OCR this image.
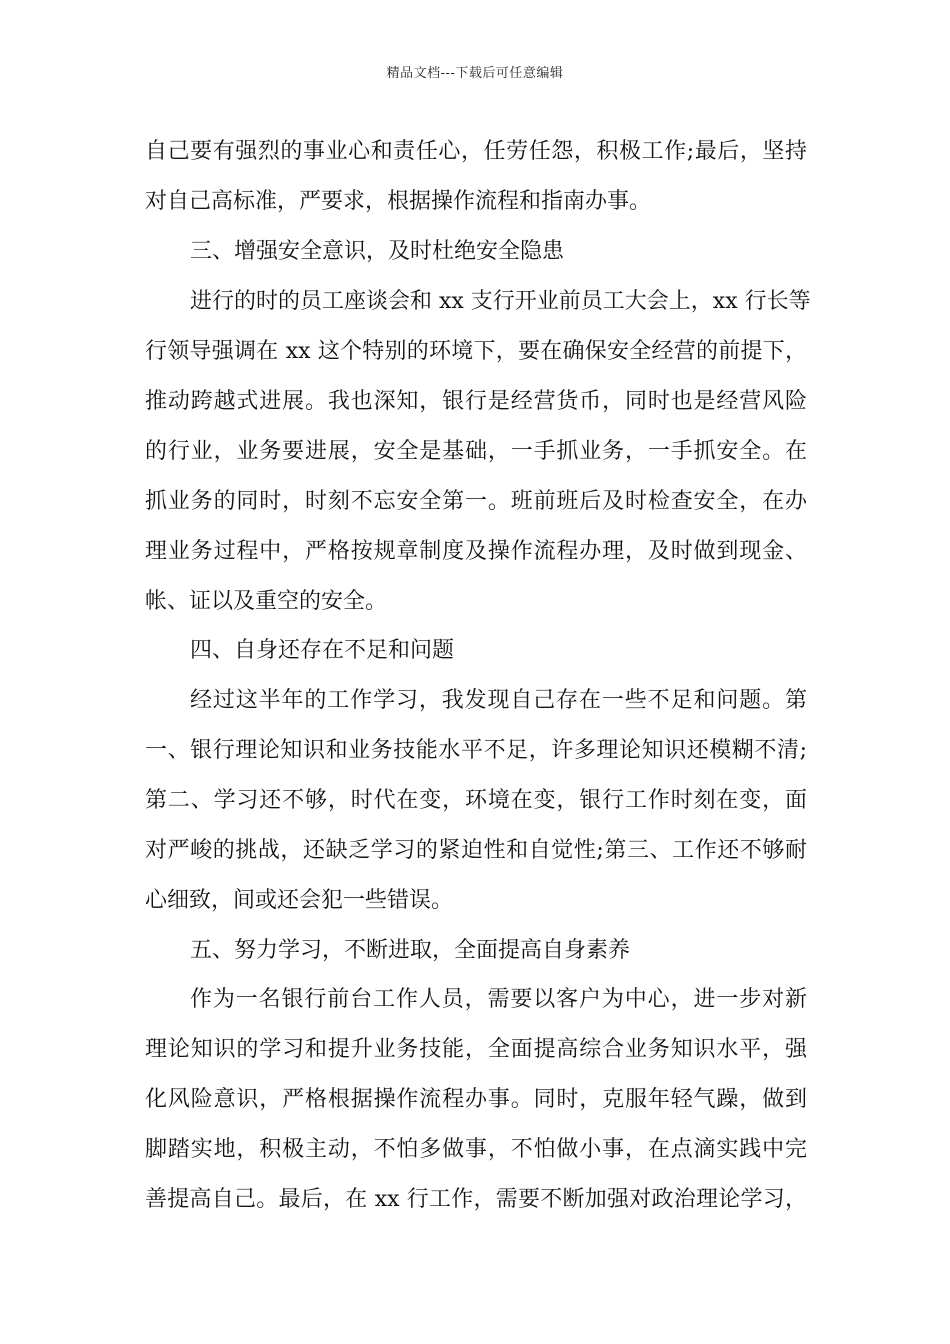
精品文档---下载后可任意编辑
自己要有强烈的事业心和责任心，任劳任怨，积极工作;最后，坚持
对自己高标准，严要求，根据操作流程和指南办事。
三、增强安全意识，及时杜绝安全隐患
进行的时的员工座谈会和 xx 支行开业前员工大会上，xx 行长等
行领导强调在 xx 这个特别的环境下，要在确保安全经营的前提下，
推动跨越式进展。我也深知，银行是经营货币，同时也是经营风险
的行业，业务要进展，安全是基础，一手抓业务，一手抓安全。在
抓业务的同时，时刻不忘安全第一。班前班后及时检查安全，在办
理业务过程中，严格按规章制度及操作流程办理，及时做到现金、
帐、证以及重空的安全。
四、自身还存在不足和问题
经过这半年的工作学习，我发现自己存在一些不足和问题。第
一、银行理论知识和业务技能水平不足，许多理论知识还模糊不清;
第二、学习还不够，时代在变，环境在变，银行工作时刻在变，面
对严峻的挑战，还缺乏学习的紧迫性和自觉性;第三、工作还不够耐
心细致，间或还会犯一些错误。
五、努力学习，不断进取，全面提高自身素养
作为一名银行前台工作人员，需要以客户为中心，进一步对新
理论知识的学习和提升业务技能，全面提高综合业务知识水平，强
化风险意识，严格根据操作流程办事。同时，克服年轻气躁，做到
脚踏实地，积极主动，不怕多做事，不怕做小事，在点滴实践中完
善提高自己。最后，在 xx 行工作，需要不断加强对政治理论学习，
